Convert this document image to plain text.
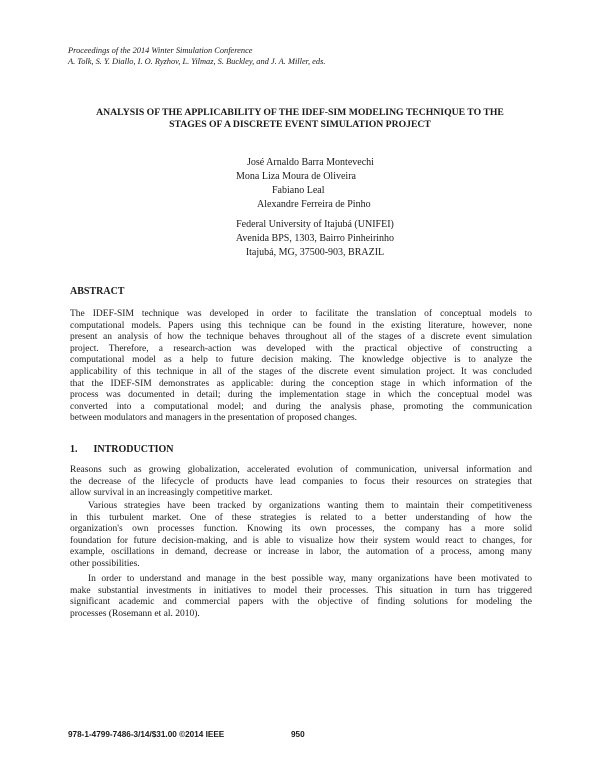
Proceedings of the 2014 Winter Simulation Conference
A. Tolk, S. Y. Diallo, I. O. Ryzhov, L. Yilmaz, S. Buckley, and J. A. Miller, eds.
ANALYSIS OF THE APPLICABILITY OF THE IDEF-SIM MODELING TECHNIQUE TO THE
STAGES OF A DISCRETE EVENT SIMULATION PROJECT
José Arnaldo Barra Montevechi
Mona Liza Moura de Oliveira
Fabiano Leal
Alexandre Ferreira de Pinho
Federal University of Itajubá (UNIFEI)
Avenida BPS, 1303, Bairro Pinheirinho
Itajubá, MG, 37500-903, BRAZIL
ABSTRACT
The IDEF-SIM technique was developed in order to facilitate the translation of conceptual models to
computational models. Papers using this technique can be found in the existing literature, however, none
present an analysis of how the technique behaves throughout all of the stages of a discrete event simulation
project. Therefore, a research-action was developed with the practical objective of constructing a
computational model as a help to future decision making. The knowledge objective is to analyze the
applicability of this technique in all of the stages of the discrete event simulation project. It was concluded
that the IDEF-SIM demonstrates as applicable: during the conception stage in which information of the
process was documented in detail; during the implementation stage in which the conceptual model was
converted into a computational model; and during the analysis phase, promoting the communication
between modulators and managers in the presentation of proposed changes.
1. INTRODUCTION
Reasons such as growing globalization, accelerated evolution of communication, universal information and
the decrease of the lifecycle of products have lead companies to focus their resources on strategies that
allow survival in an increasingly competitive market.
Various strategies have been tracked by organizations wanting them to maintain their competitiveness
in this turbulent market. One of these strategies is related to a better understanding of how the
organization's own processes function. Knowing its own processes, the company has a more solid
foundation for future decision-making, and is able to visualize how their system would react to changes, for
example, oscillations in demand, decrease or increase in labor, the automation of a process, among many
other possibilities.
In order to understand and manage in the best possible way, many organizations have been motivated to
make substantial investments in initiatives to model their processes. This situation in turn has triggered
significant academic and commercial papers with the objective of finding solutions for modeling the
processes (Rosemann et al. 2010).
978-1-4799-7486-3/14/$31.00 ©2014 IEEE	950
